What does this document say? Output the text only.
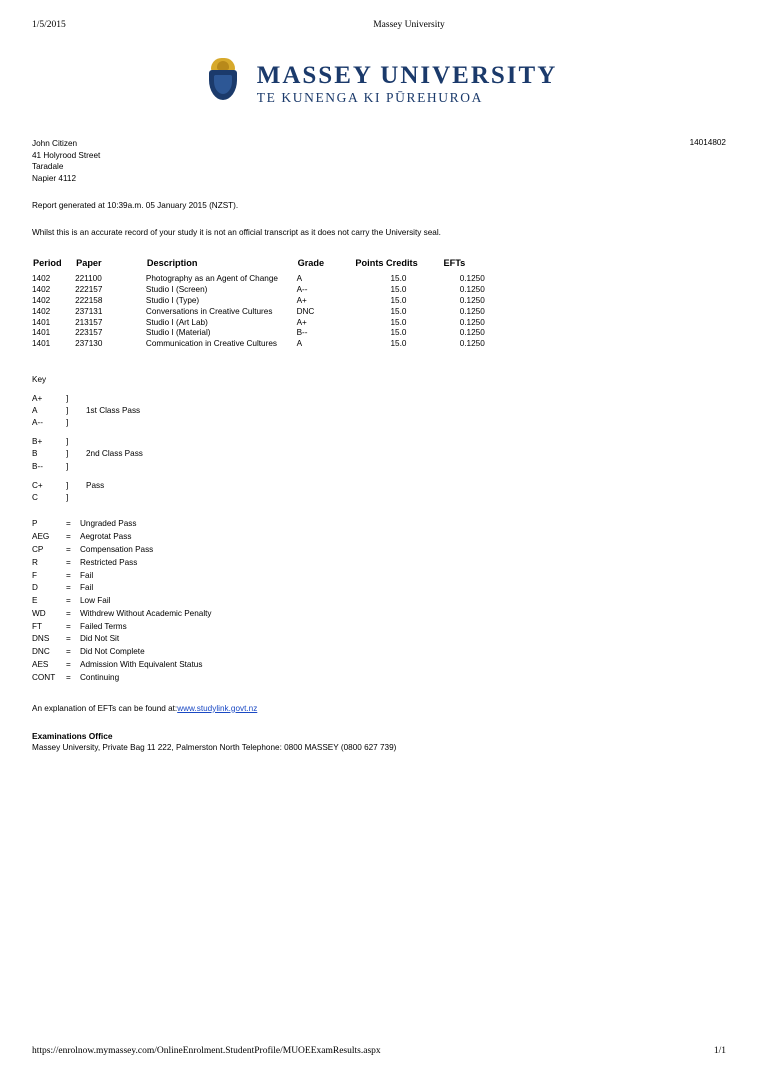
1/5/2015	Massey University
MASSEY UNIVERSITY
TE KUNENGA KI PŪREHUROA
John Citizen
41 Holyrood Street
Taradale
Napier 4112
14014802
Report generated at 10:39a.m. 05 January 2015 (NZST).
Whilst this is an accurate record of your study it is not an official transcript as it does not carry the University seal.
Period	Paper	Description	Grade	Points Credits	EFTs
1402	221100	Photography as an Agent of Change	A	15.0	0.1250
1402	222157	Studio I (Screen)	A--	15.0	0.1250
1402	222158	Studio I (Type)	A+	15.0	0.1250
1402	237131	Conversations in Creative Cultures	DNC	15.0	0.1250
1401	213157	Studio I (Art Lab)	A+	15.0	0.1250
1401	223157	Studio I (Material)	B--	15.0	0.1250
1401	237130	Communication in Creative Cultures	A	15.0	0.1250
Key
A+	]	
A	]	1st Class Pass
A--	]	

B+	]	
B	]	2nd Class Pass
B--	]	

C+	]	Pass
C	]	
P	=	Ungraded Pass
AEG	=	Aegrotat Pass
CP	=	Compensation Pass
R	=	Restricted Pass
F	=	Fail
D	=	Fail
E	=	Low Fail
WD	=	Withdrew Without Academic Penalty
FT	=	Failed Terms
DNS	=	Did Not Sit
DNC	=	Did Not Complete
AES	=	Admission With Equivalent Status
CONT	=	Continuing
An explanation of EFTs can be found at:www.studylink.govt.nz
Examinations Office
Massey University, Private Bag 11 222, Palmerston North Telephone: 0800 MASSEY (0800 627 739)
https://enrolnow.mymassey.com/OnlineEnrolment.StudentProfile/MUOEExamResults.aspx	1/1
